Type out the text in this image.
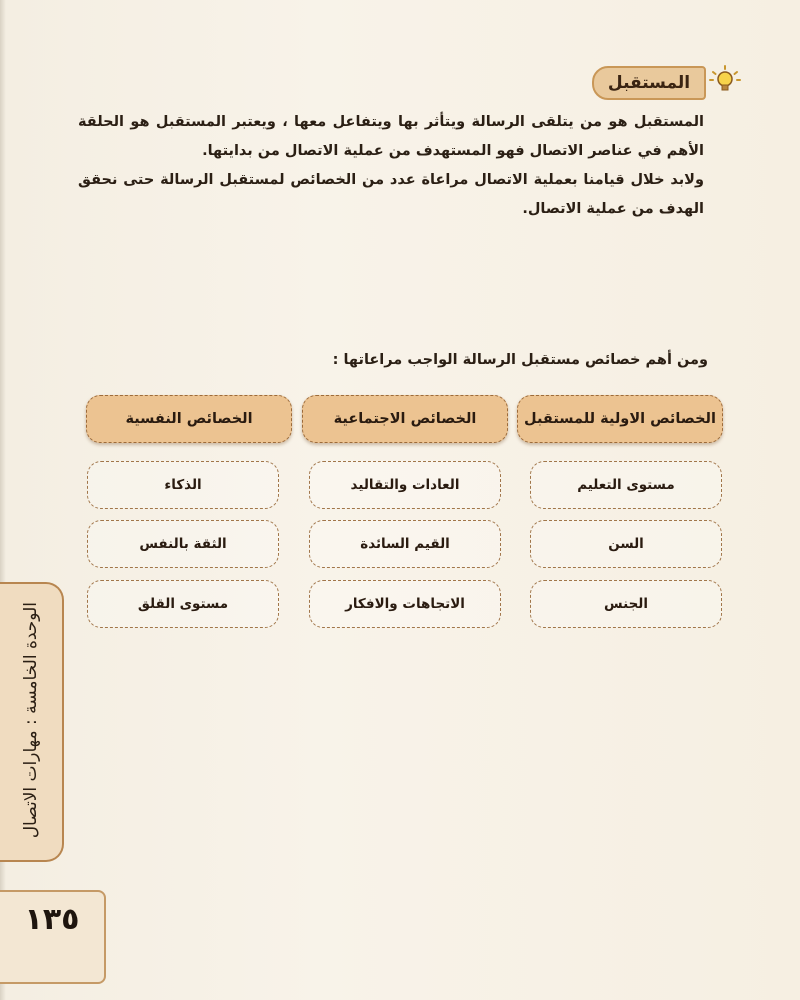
المستقبل
المستقبل هو من يتلقى الرسالة ويتأثر بها ويتفاعل معها ، ويعتبر المستقبل هو الحلقة الأهم في عناصر الاتصال فهو المستهدف من عملية الاتصال من بدايتها.
ولابد خلال قيامنا بعملية الاتصال مراعاة عدد من الخصائص لمستقبل الرسالة حتى نحقق الهدف من عملية الاتصال.
ومن أهم خصائص مستقبل الرسالة الواجب مراعاتها :
الخصائص الاولية للمستقبل
مستوى التعليم
السن
الجنس
الخصائص الاجتماعية
العادات والتقاليد
القيم السائدة
الاتجاهات والافكار
الخصائص النفسية
الذكاء
الثقة بالنفس
مستوى القلق
الوحدة الخامسة : مهارات الاتصال
١٣٥
